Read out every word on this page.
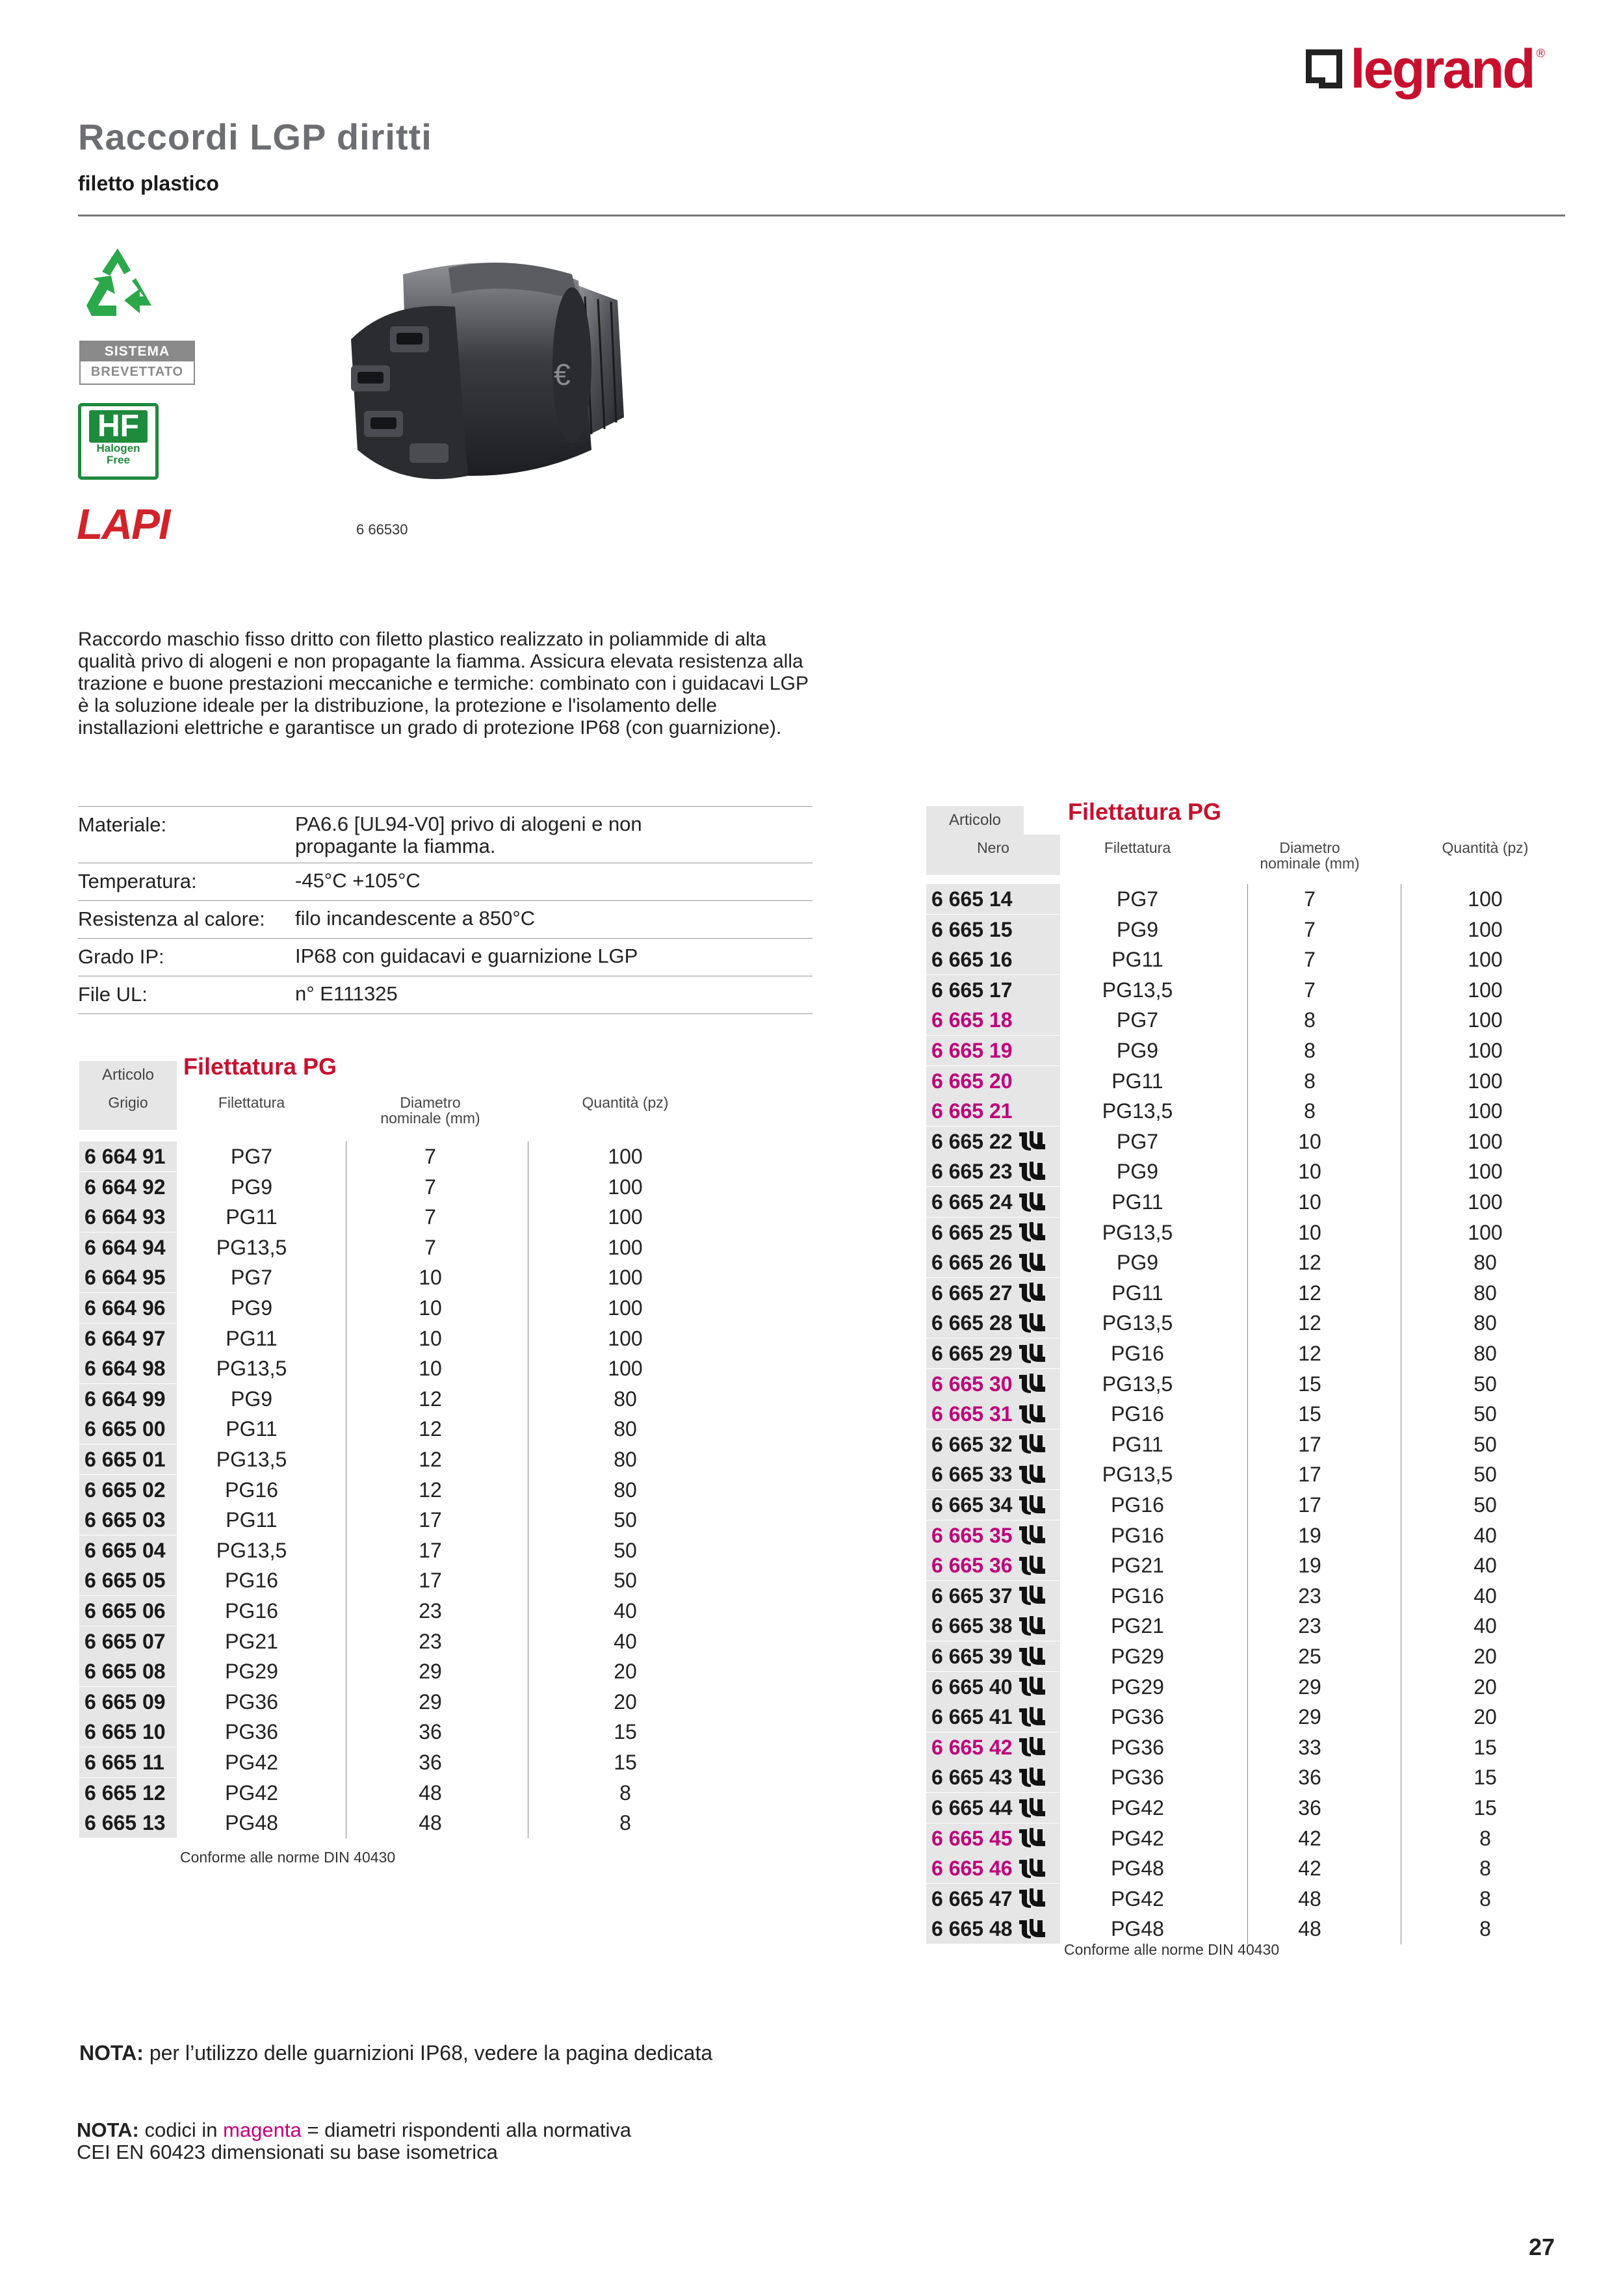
legrand ®
Raccordi LGP diritti
filetto plastico
SISTEMA
BREVETTATO
HF
Halogen
Free
LAPI
€
6 66530
Raccordo maschio fisso dritto con filetto plastico realizzato in poliammide di alta qualità privo di alogeni e non propagante la fiamma. Assicura elevata resistenza alla trazione e buone prestazioni meccaniche e termiche: combinato con i guidacavi LGP è la soluzione ideale per la distribuzione, la protezione e l'isolamento delle installazioni elettriche e garantisce un grado di protezione IP68 (con guarnizione).
Materiale:	PA6.6 [UL94-V0] privo di alogeni e non propagante la fiamma.
Temperatura:	-45°C +105°C
Resistenza al calore:	filo incandescente a 850°C
Grado IP:	IP68 con guidacavi e guarnizione LGP
File UL:	n° E111325
Articolo	Filettatura PG
Grigio	Filettatura	Diametro nominale (mm)
Quantità (pz)
6 664 91	PG7	7	100
6 664 92	PG9	7	100
6 664 93	PG11	7	100
6 664 94	PG13,5	7	100
6 664 95	PG7	10	100
6 664 96	PG9	10	100
6 664 97	PG11	10	100
6 664 98	PG13,5	10	100
6 664 99	PG9	12	80
6 665 00	PG11	12	80
6 665 01	PG13,5	12	80
6 665 02	PG16	12	80
6 665 03	PG11	17	50
6 665 04	PG13,5	17	50
6 665 05	PG16	17	50
6 665 06	PG16	23	40
6 665 07	PG21	23	40
6 665 08	PG29	29	20
6 665 09	PG36	29	20
6 665 10	PG36	36	15
6 665 11	PG42	36	15
6 665 12	PG42	48	8
6 665 13	PG48	48	8
Conforme alle norme DIN 40430
Articolo	Filettatura PG
Nero	Filettatura	Diametro nominale (mm)
Quantità (pz)
6 665 14	PG7	7	100
6 665 15	PG9	7	100
6 665 16	PG11	7	100
6 665 17	PG13,5	7	100
6 665 18	PG7	8	100
6 665 19	PG9	8	100
6 665 20	PG11	8	100
6 665 21	PG13,5	8	100
6 665 22	PG7	10	100
6 665 23	PG9	10	100
6 665 24	PG11	10	100
6 665 25	PG13,5	10	100
6 665 26	PG9	12	80
6 665 27	PG11	12	80
6 665 28	PG13,5	12	80
6 665 29	PG16	12	80
6 665 30	PG13,5	15	50
6 665 31	PG16	15	50
6 665 32	PG11	17	50
6 665 33	PG13,5	17	50
6 665 34	PG16	17	50
6 665 35	PG16	19	40
6 665 36	PG21	19	40
6 665 37	PG16	23	40
6 665 38	PG21	23	40
6 665 39	PG29	25	20
6 665 40	PG29	29	20
6 665 41	PG36	29	20
6 665 42	PG36	33	15
6 665 43	PG36	36	15
6 665 44	PG42	36	15
6 665 45	PG42	42	8
6 665 46	PG48	42	8
6 665 47	PG42	48	8
6 665 48	PG48	48	8
Conforme alle norme DIN 40430
NOTA: per l’utilizzo delle guarnizioni IP68, vedere la pagina dedicata
NOTA: codici in magenta = diametri rispondenti alla normativa
CEI EN 60423 dimensionati su base isometrica
27
